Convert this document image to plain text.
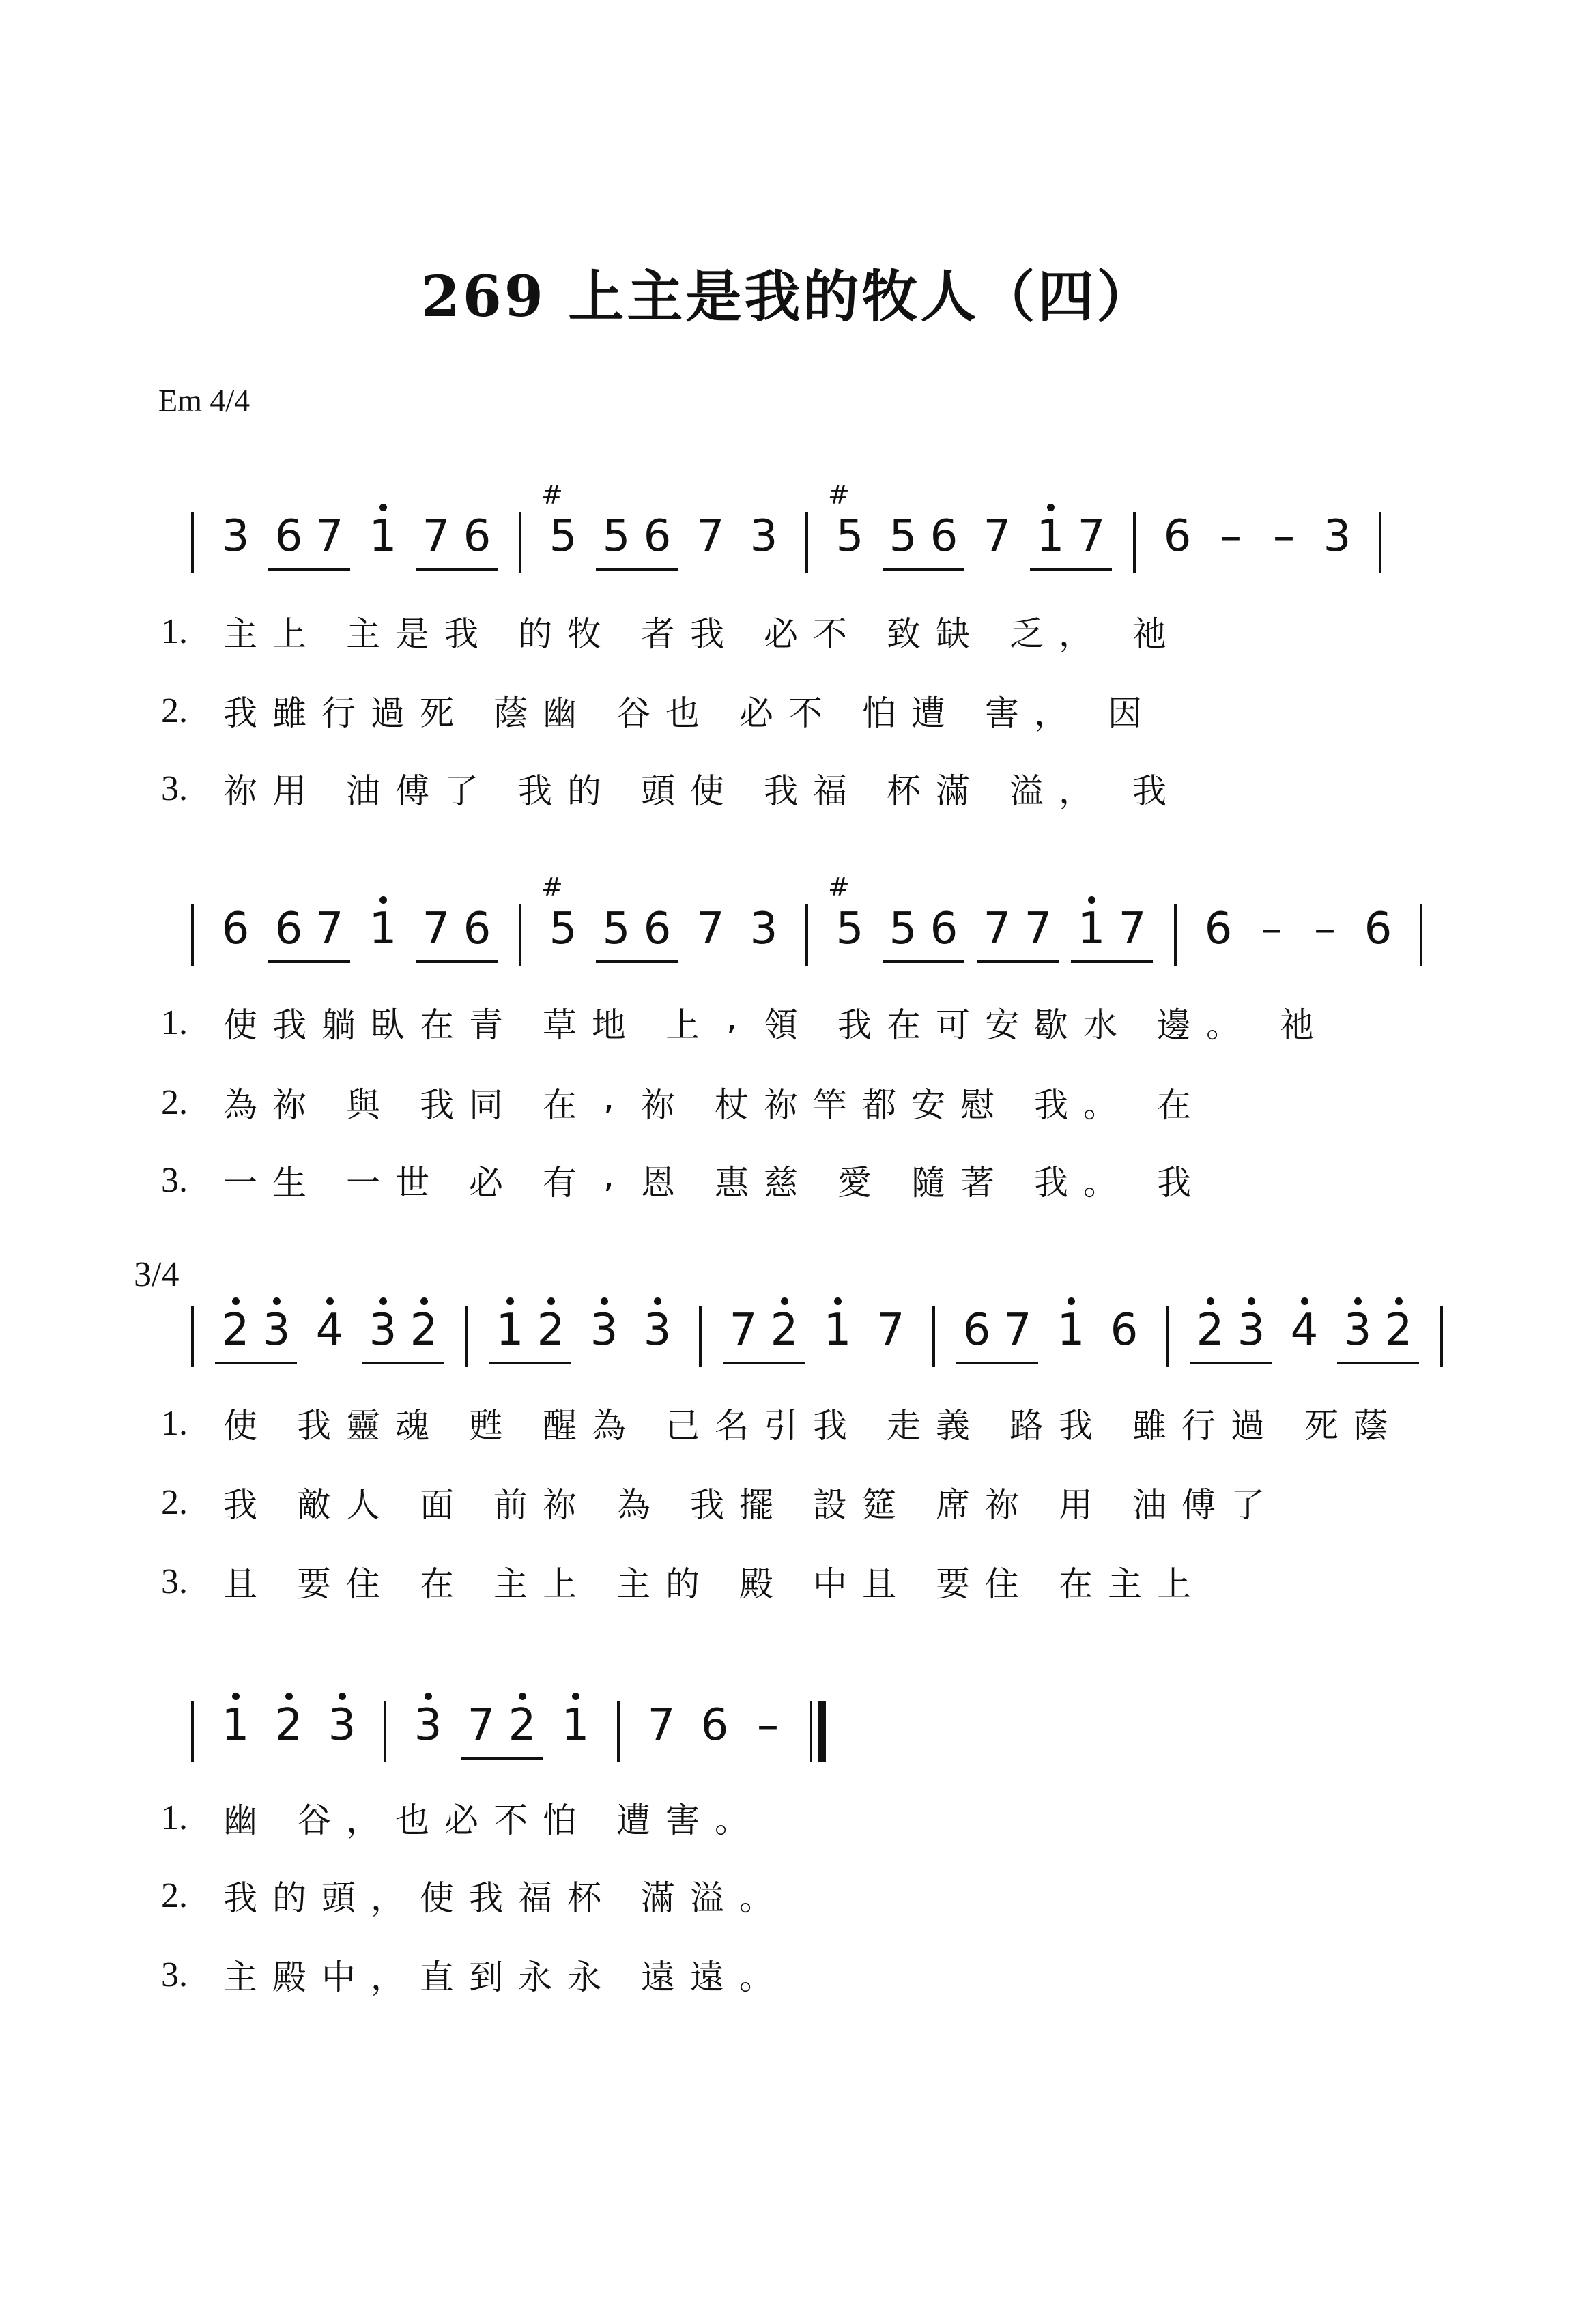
269 上主是我的牧人（四）
Em 4/4
3/4
3 6 7 1 7 6 5 # 5 6 7 3 5 # 5 6 7 1 7 6 – – 3
1.	主 上
主 是 我
的 牧
者 我
必 不
致 缺
乏 ，
祂
2.	我 雖 行 過 死
蔭 幽
谷 也
必 不
怕 遭
害 ，
因
3.	祢 用
油 傅 了
我 的
頭 使
我 福
杯 滿
溢 ，
我
6 6 7 1 7 6 5 # 5 6 7 3 5 # 5 6 7 7 1 7 6 – – 6
1.	使 我 躺 臥 在 青
草 地
上 , 領
我 在 可 安 歇 水
邊 。
祂
2.	為 祢
與
我 同
在 , 祢
杖 祢 竿 都 安 慰
我 。
在
3.	一 生
一 世
必
有 , 恩
惠 慈
愛
隨 著
我 。
我
2 3 4 3 2 1 2 3 3 7 2 1 7 6 7 1 6 2 3 4 3 2
1.	使
我 靈 魂
甦
醒 為
己 名 引 我
走 義
路 我
雖 行 過
死 蔭
2.	我
敵 人
面
前 祢
為
我 擺
設 筵
席 祢
用
油 傅 了
3.	且
要 住
在
主 上
主 的
殿
中 且
要 住
在 主 上
1 2 3 3 7 2 1 7 6 –
1.	幽
谷 ， 也 必 不 怕
遭 害 。
2.	我 的 頭 ， 使 我 福 杯
滿 溢 。
3.	主 殿 中 ， 直 到 永 永
遠 遠 。
